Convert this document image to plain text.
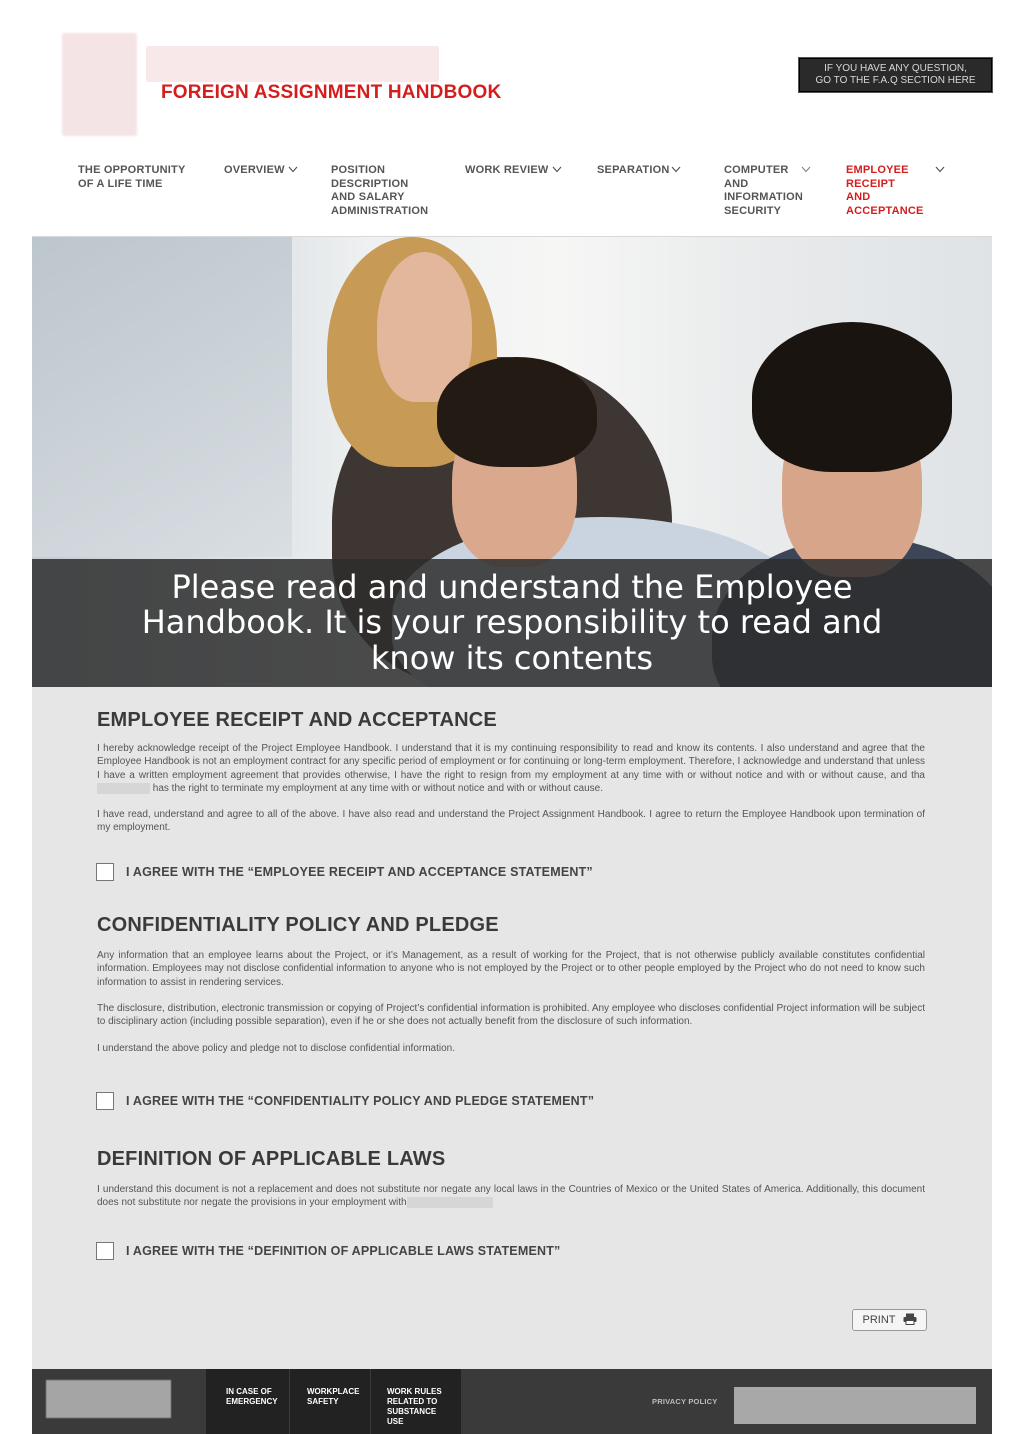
FOREIGN ASSIGNMENT HANDBOOK
IF YOU HAVE ANY QUESTION,
GO TO THE F.A.Q SECTION HERE
THE OPPORTUNITY
OF A LIFE TIME
OVERVIEW	POSITION
DESCRIPTION
AND SALARY
ADMINISTRATION
WORK REVIEW	SEPARATION	COMPUTER
AND
INFORMATION
SECURITY
EMPLOYEE
RECEIPT
AND
ACCEPTANCE

Please read and understand the Employee Handbook. It is your responsibility to read and know its contents

EMPLOYEE RECEIPT AND ACCEPTANCE
I hereby acknowledge receipt of the Project Employee Handbook. I understand that it is my continuing responsibility to read and know its contents. I also understand and agree that the Employee Handbook is not an employment contract for any specific period of employment or for continuing or long-term employment. Therefore, I acknowledge and understand that unless I have a written employment agreement that provides otherwise, I have the right to resign from my employment at any time with or without notice and with or without cause, and tha has the right to terminate my employment at any time with or without notice and with or without cause.
I have read, understand and agree to all of the above. I have also read and understand the Project Assignment Handbook. I agree to return the Employee Handbook upon termination of my employment.
I AGREE WITH THE “EMPLOYEE RECEIPT AND ACCEPTANCE STATEMENT”
CONFIDENTIALITY POLICY AND PLEDGE
Any information that an employee learns about the Project, or it’s Management, as a result of working for the Project, that is not otherwise publicly available constitutes confidential information. Employees may not disclose confidential information to anyone who is not employed by the Project or to other people employed by the Project who do not need to know such information to assist in rendering services.
The disclosure, distribution, electronic transmission or copying of Project’s confidential information is prohibited. Any employee who discloses confidential Project information will be subject to disciplinary action (including possible separation), even if he or she does not actually benefit from the disclosure of such information.
I understand the above policy and pledge not to disclose confidential information.
I AGREE WITH THE “CONFIDENTIALITY POLICY AND PLEDGE STATEMENT”
DEFINITION OF APPLICABLE LAWS
I understand this document is not a replacement and does not substitute nor negate any local laws in the Countries of Mexico or the United States of America. Additionally, this document does not substitute nor negate the provisions in your employment with
I AGREE WITH THE “DEFINITION OF APPLICABLE LAWS STATEMENT”
PRINT
IN CASE OF
EMERGENCY
WORKPLACE
SAFETY
WORK RULES
RELATED TO
SUBSTANCE USE
PRIVACY POLICY
